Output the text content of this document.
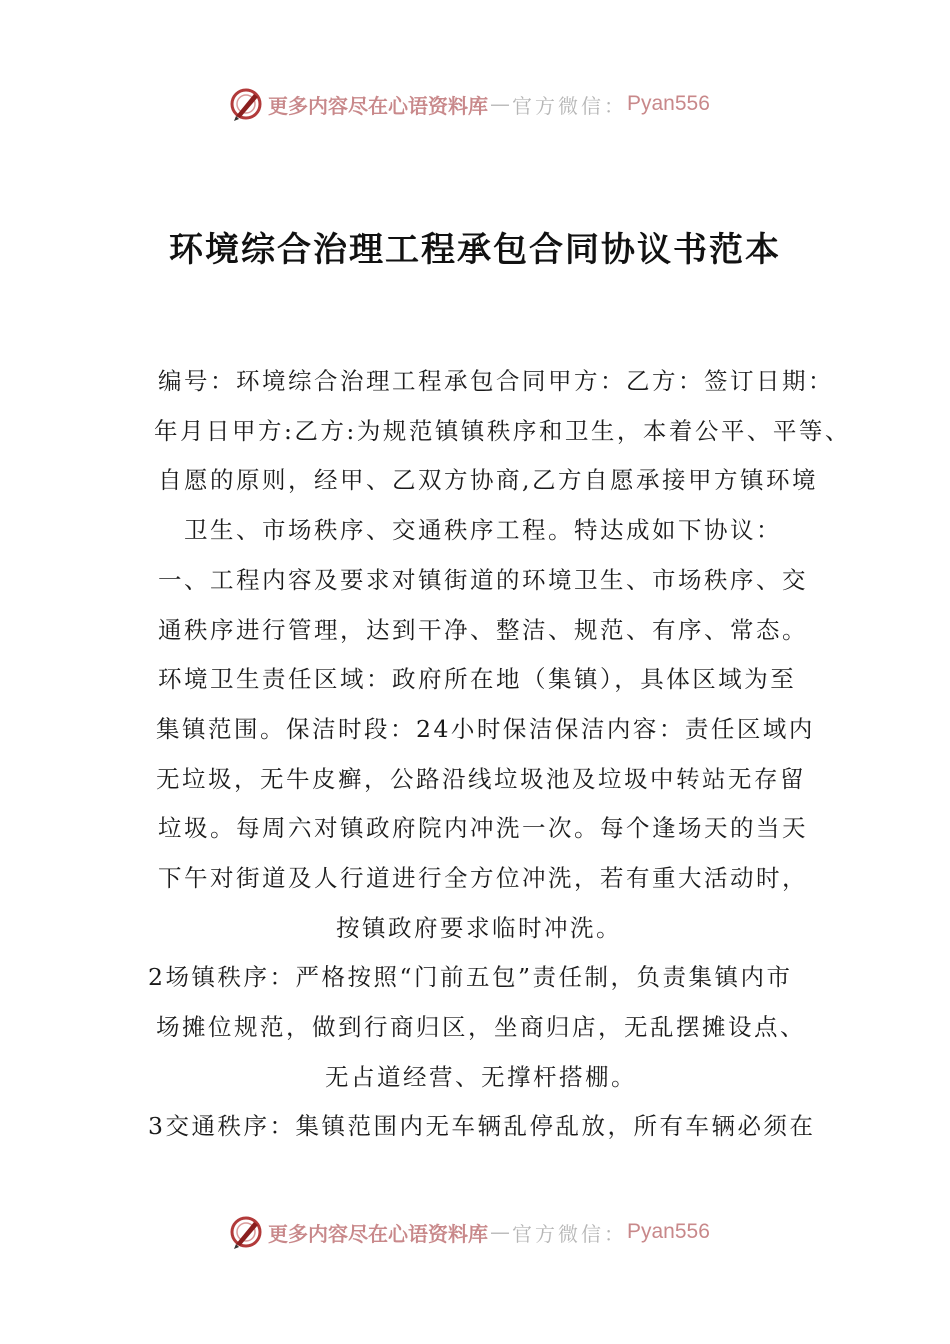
更多内容尽在心语资料库 — 官方微信： Pyan556
环境综合治理工程承包合同协议书范本
编号：环境综合治理工程承包合同甲方：乙方：签订日期：
年月日甲方:乙方:为规范镇镇秩序和卫生，本着公平、平等、
自愿的原则，经甲、乙双方协商,乙方自愿承接甲方镇环境
卫生、市场秩序、交通秩序工程。特达成如下协议：
一、工程内容及要求对镇街道的环境卫生、市场秩序、交
通秩序进行管理，达到干净、整洁、规范、有序、常态。
环境卫生责任区域：政府所在地（集镇），具体区域为至
集镇范围。保洁时段：24小时保洁保洁内容：责任区域内
无垃圾，无牛皮癣，公路沿线垃圾池及垃圾中转站无存留
垃圾。每周六对镇政府院内冲洗一次。每个逢场天的当天
下午对街道及人行道进行全方位冲洗，若有重大活动时，
按镇政府要求临时冲洗。
2场镇秩序：严格按照“门前五包”责任制，负责集镇内市
场摊位规范，做到行商归区，坐商归店，无乱摆摊设点、
无占道经营、无撑杆搭棚。
3交通秩序：集镇范围内无车辆乱停乱放，所有车辆必须在
更多内容尽在心语资料库 — 官方微信： Pyan556
